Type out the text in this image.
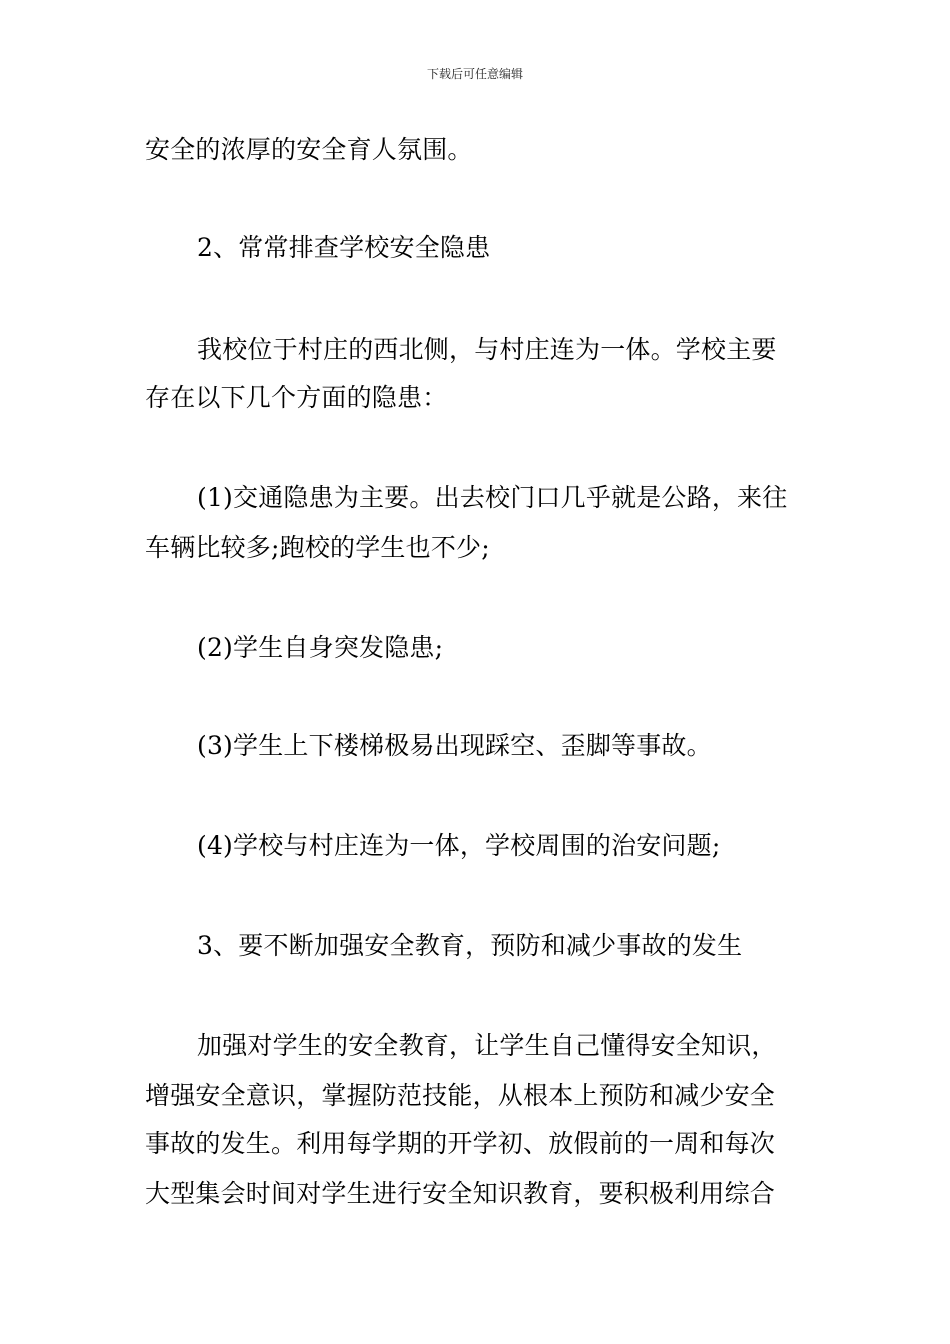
下载后可任意编辑
安全的浓厚的安全育人氛围。
2、常常排查学校安全隐患
我校位于村庄的西北侧，与村庄连为一体。学校主要
存在以下几个方面的隐患：
(1)交通隐患为主要。出去校门口几乎就是公路，来往
车辆比较多;跑校的学生也不少;
(2)学生自身突发隐患;
(3)学生上下楼梯极易出现踩空、歪脚等事故。
(4)学校与村庄连为一体，学校周围的治安问题;
3、要不断加强安全教育，预防和减少事故的发生
加强对学生的安全教育，让学生自己懂得安全知识，
增强安全意识，掌握防范技能，从根本上预防和减少安全
事故的发生。利用每学期的开学初、放假前的一周和每次
大型集会时间对学生进行安全知识教育，要积极利用综合
